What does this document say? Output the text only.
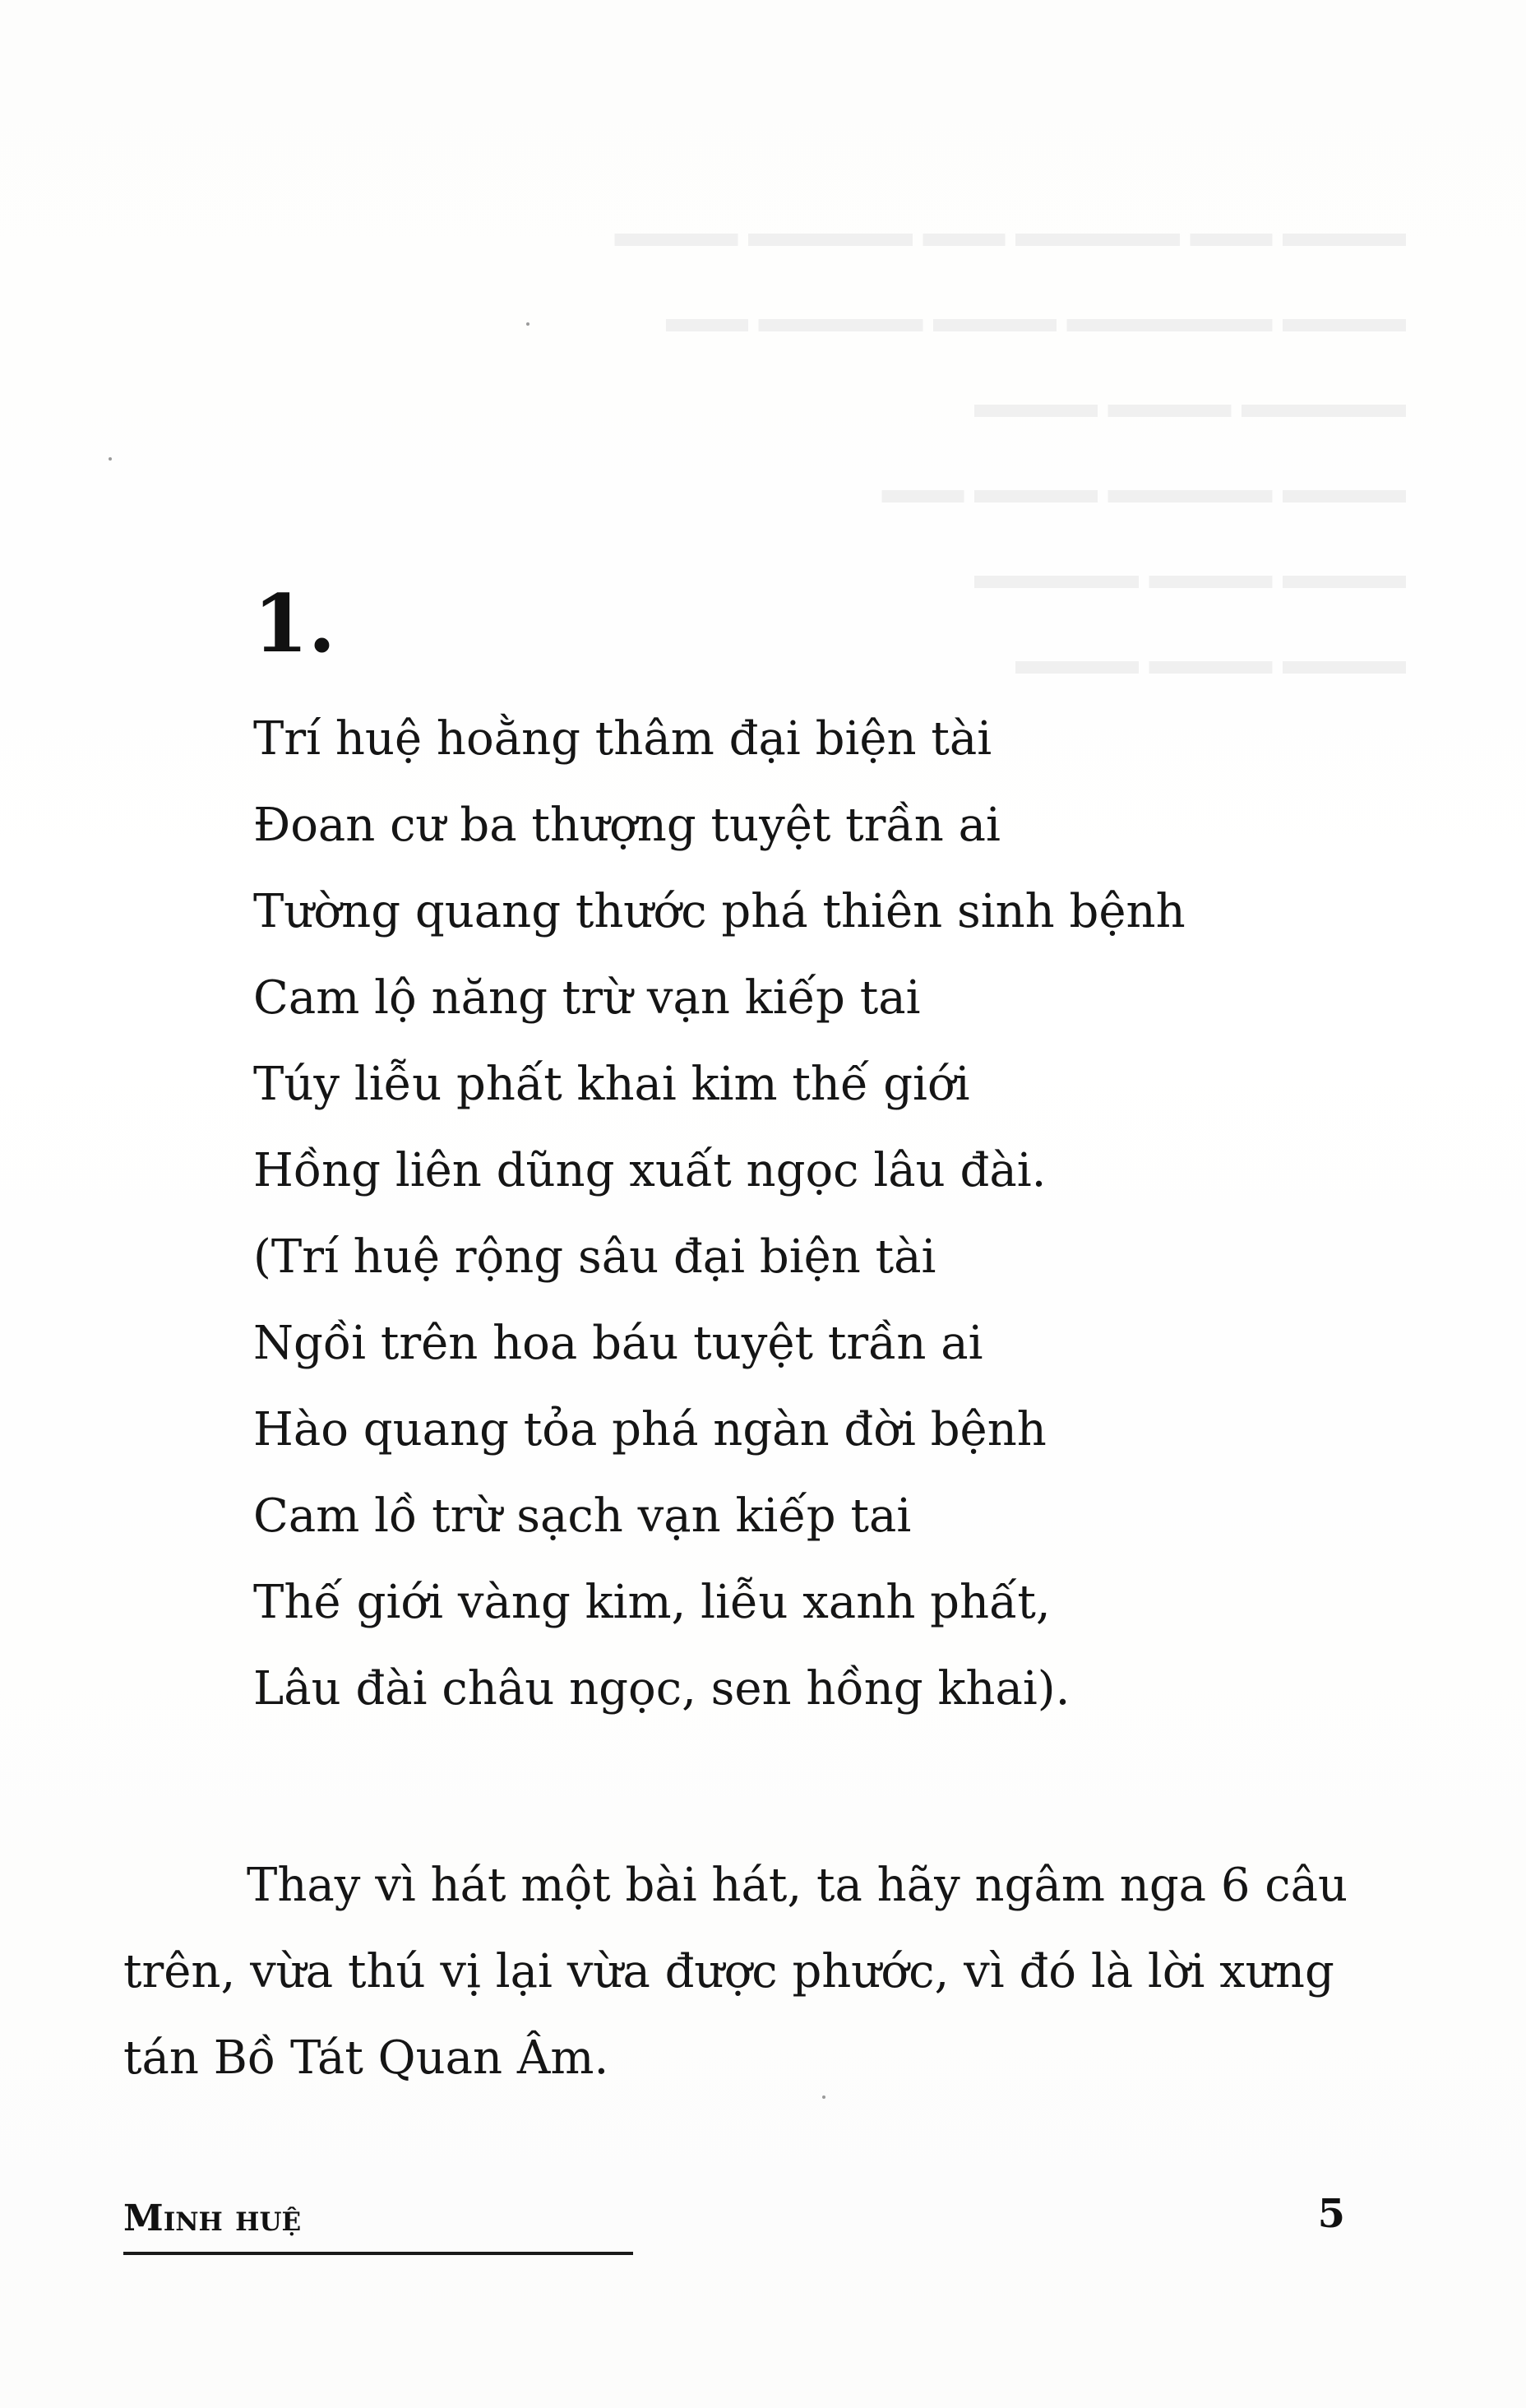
▬▬▬ ▬▬ ▬▬▬▬ ▬▬ ▬▬▬▬ ▬▬▬
▬▬▬ ▬▬▬▬▬ ▬▬▬ ▬▬▬▬ ▬▬
▬▬▬▬ ▬▬▬ ▬▬▬
▬▬▬ ▬▬▬▬ ▬▬▬ ▬▬
▬▬▬ ▬▬▬ ▬▬▬▬
▬▬▬ ▬▬▬ ▬▬▬
1.
Trí huệ hoằng thâm đại biện tài
Đoan cư ba thượng tuyệt trần ai
Tường quang thước phá thiên sinh bệnh
Cam lộ năng trừ vạn kiếp tai
Túy liễu phất khai kim thế giới
Hồng liên dũng xuất ngọc lâu đài.
(Trí huệ rộng sâu đại biện tài
Ngồi trên hoa báu tuyệt trần ai
Hào quang tỏa phá ngàn đời bệnh
Cam lồ trừ sạch vạn kiếp tai
Thế giới vàng kim, liễu xanh phất,
Lâu đài châu ngọc, sen hồng khai).

Thay vì hát một bài hát, ta hãy ngâm nga 6 câu trên, vừa thú vị lại vừa được phước, vì đó là lời xưng tán Bồ Tát Quan Âm.

Minh huệ	5
